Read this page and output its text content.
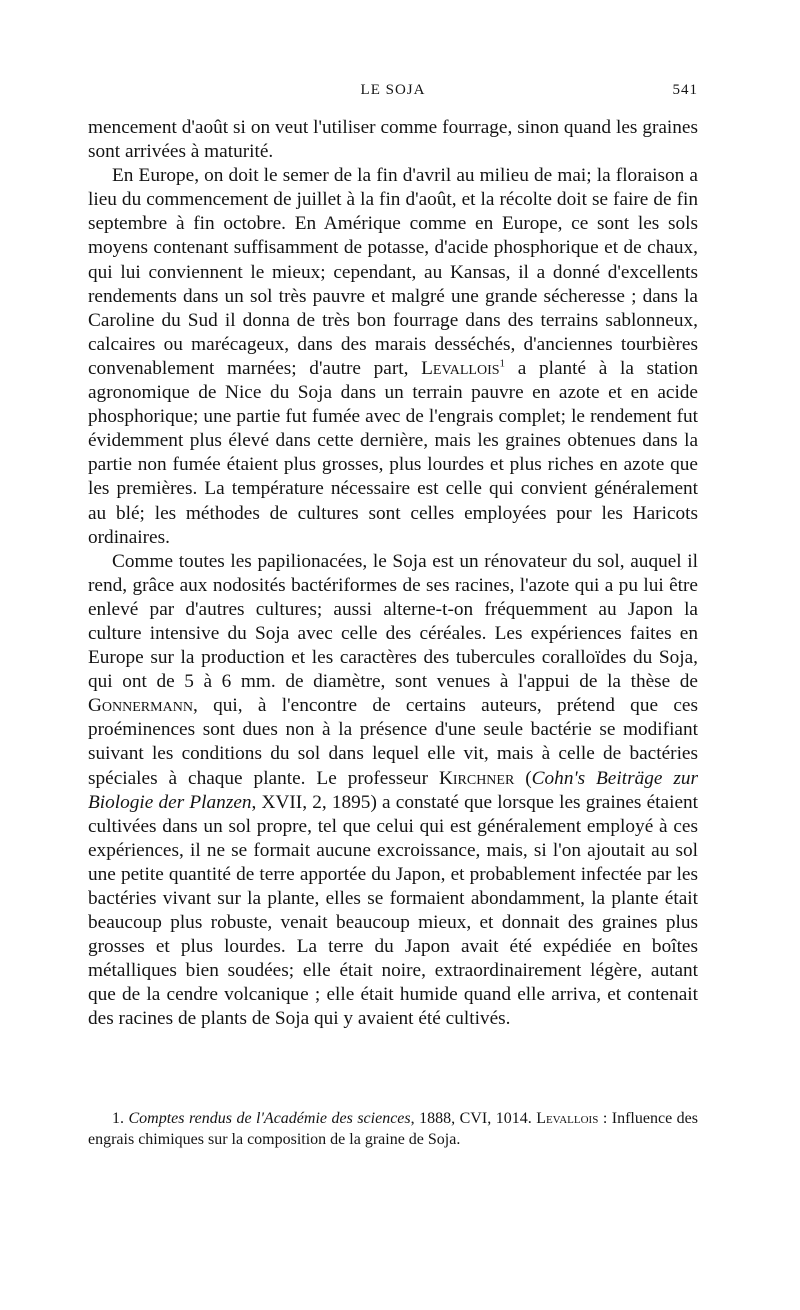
LE SOJA	541

mencement d'août si on veut l'utiliser comme fourrage, sinon quand les graines sont arrivées à maturité.

En Europe, on doit le semer de la fin d'avril au milieu de mai; la floraison a lieu du commencement de juillet à la fin d'août, et la récolte doit se faire de fin septembre à fin octobre. En Amérique comme en Europe, ce sont les sols moyens contenant suffisamment de potasse, d'acide phosphorique et de chaux, qui lui conviennent le mieux; cependant, au Kansas, il a donné d'excellents rendements dans un sol très pauvre et malgré une grande sécheresse ; dans la Caroline du Sud il donna de très bon fourrage dans des terrains sablonneux, calcaires ou marécageux, dans des marais desséchés, d'anciennes tourbières convenablement marnées; d'autre part, Levallois$^1$ a planté à la station agronomique de Nice du Soja dans un terrain pauvre en azote et en acide phosphorique; une partie fut fumée avec de l'engrais complet; le rendement fut évidemment plus élevé dans cette dernière, mais les graines obtenues dans la partie non fumée étaient plus grosses, plus lourdes et plus riches en azote que les premières. La température nécessaire est celle qui convient généralement au blé; les méthodes de cultures sont celles employées pour les Haricots ordinaires.

Comme toutes les papilionacées, le Soja est un rénovateur du sol, auquel il rend, grâce aux nodosités bactériformes de ses racines, l'azote qui a pu lui être enlevé par d'autres cultures; aussi alterne-t-on fréquemment au Japon la culture intensive du Soja avec celle des céréales. Les expériences faites en Europe sur la production et les caractères des tubercules coralloïdes du Soja, qui ont de 5 à 6 mm. de diamètre, sont venues à l'appui de la thèse de Gonnermann, qui, à l'encontre de certains auteurs, prétend que ces proéminences sont dues non à la présence d'une seule bactérie se modifiant suivant les conditions du sol dans lequel elle vit, mais à celle de bactéries spéciales à chaque plante. Le professeur Kirchner (Cohn's Beiträge zur Biologie der Planzen, XVII, 2, 1895) a constaté que lorsque les graines étaient cultivées dans un sol propre, tel que celui qui est généralement employé à ces expériences, il ne se formait aucune excroissance, mais, si l'on ajoutait au sol une petite quantité de terre apportée du Japon, et probablement infectée par les bactéries vivant sur la plante, elles se formaient abondamment, la plante était beaucoup plus robuste, venait beaucoup mieux, et donnait des graines plus grosses et plus lourdes. La terre du Japon avait été expédiée en boîtes métalliques bien soudées; elle était noire, extraordinairement légère, autant que de la cendre volcanique ; elle était humide quand elle arriva, et contenait des racines de plants de Soja qui y avaient été cultivés.

1. Comptes rendus de l'Académie des sciences, 1888, CVI, 1014. Levallois : Influence des engrais chimiques sur la composition de la graine de Soja.
